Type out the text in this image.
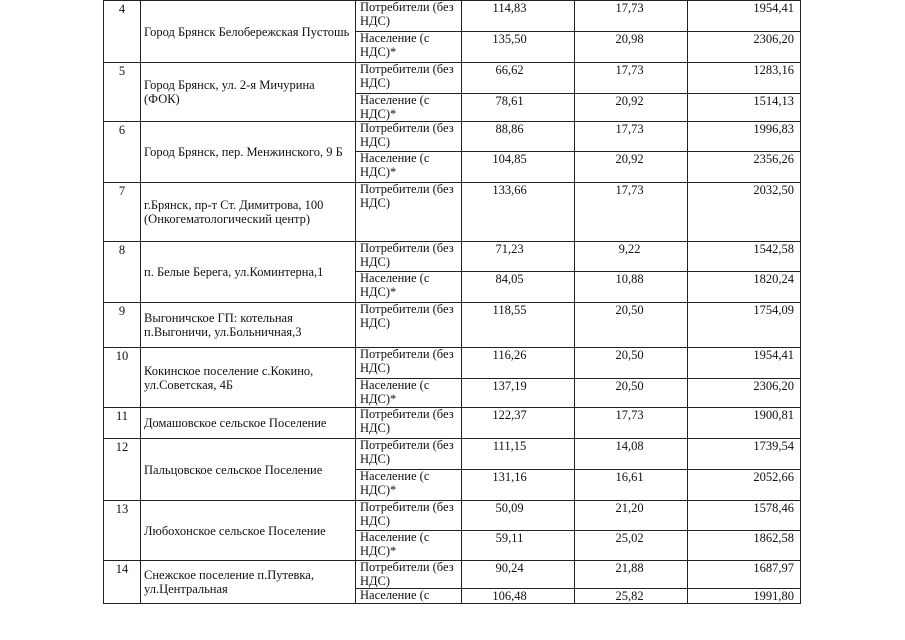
4	Город Брянск Белобережская Пустошь	Потребители (без НДС)	114,83	17,73	1954,41
		Население (с НДС)*	135,50	20,98	2306,20
5	Город Брянск, ул. 2-я Мичурина (ФОК)	Потребители (без НДС)	66,62	17,73	1283,16
		Население (с НДС)*	78,61	20,92	1514,13
6	Город Брянск, пер. Менжинского, 9 Б	Потребители (без НДС)	88,86	17,73	1996,83
		Население (с НДС)*	104,85	20,92	2356,26
7	г.Брянск, пр-т Ст. Димитрова, 100 (Онкогематологический центр)	Потребители (без НДС)	133,66	17,73	2032,50
8	п. Белые Берега, ул.Коминтерна,1	Потребители (без НДС)	71,23	9,22	1542,58
		Население (с НДС)*	84,05	10,88	1820,24
9	Выгоничское ГП: котельная п.Выгоничи, ул.Больничная,3	Потребители (без НДС)	118,55	20,50	1754,09
10	Кокинское поселение с.Кокино, ул.Советская, 4Б	Потребители (без НДС)	116,26	20,50	1954,41
		Население (с НДС)*	137,19	20,50	2306,20
11	Домашовское сельское Поселение	Потребители (без НДС)	122,37	17,73	1900,81
12	Пальцовское сельское Поселение	Потребители (без НДС)	111,15	14,08	1739,54
		Население (с НДС)*	131,16	16,61	2052,66
13	Любохонское сельское Поселение	Потребители (без НДС)	50,09	21,20	1578,46
		Население (с НДС)*	59,11	25,02	1862,58
14	Снежское поселение п.Путевка, ул.Центральная	Потребители (без НДС)	90,24	21,88	1687,97
		Население (с	106,48	25,82	1991,80
